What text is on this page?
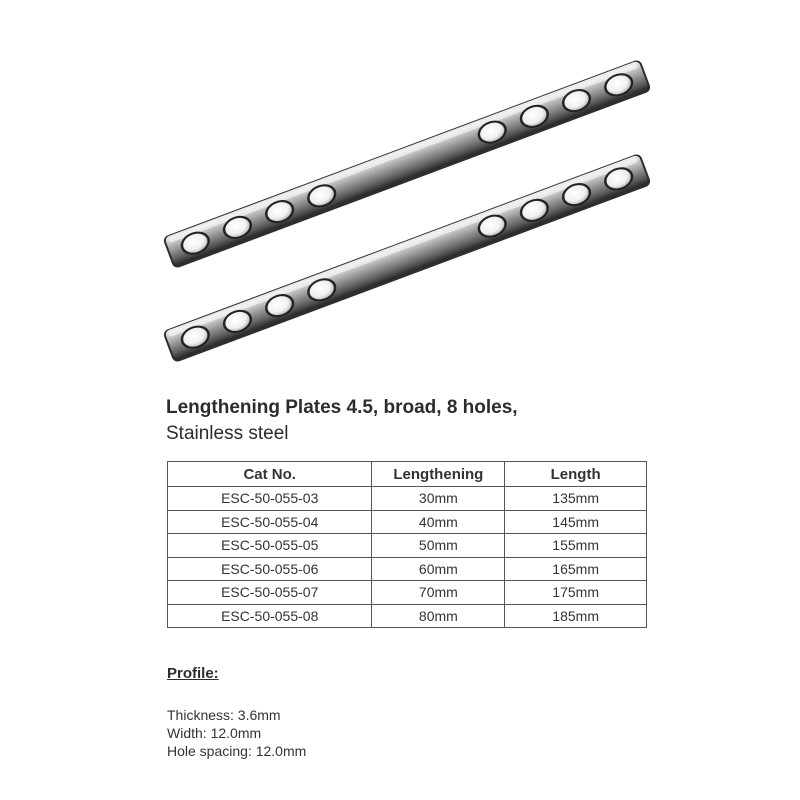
Lengthening Plates 4.5, broad, 8 holes,
Stainless steel
Cat No.	Lengthening	Length
ESC-50-055-03	30mm	135mm
ESC-50-055-04	40mm	145mm
ESC-50-055-05	50mm	155mm
ESC-50-055-06	60mm	165mm
ESC-50-055-07	70mm	175mm
ESC-50-055-08	80mm	185mm
Profile:
Thickness: 3.6mm
Width: 12.0mm
Hole spacing: 12.0mm
